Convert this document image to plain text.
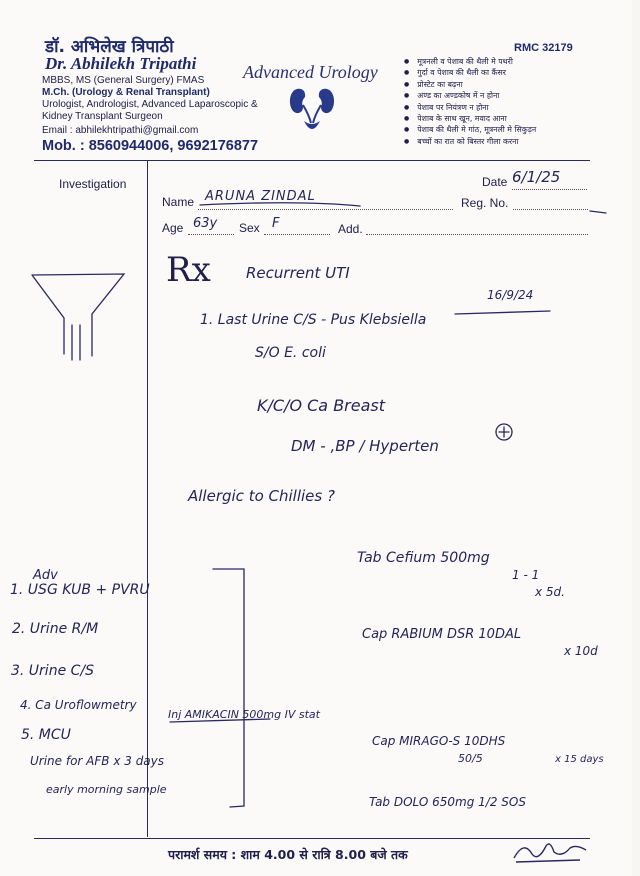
डॉ. अभिलेख त्रिपाठी
Dr. Abhilekh Tripathi
MBBS, MS (General Surgery) FMAS
M.Ch. (Urology & Renal Transplant)
Urologist, Andrologist, Advanced Laparoscopic &
Kidney Transplant Surgeon
Email : abhilekhtripathi@gmail.com
Mob. : 8560944006, 9692176877
Advanced Urology
RMC 32179
● मूत्रनली व पेशाब की थैली मे पथरी
● गुर्दा व पेशाब की थैली का कैंसर
● प्रोस्टेट का बढ़ना
● अण्ड का अण्डकोष में न होना
● पेशाब पर नियंत्रण न होना
● पेशाब के साथ खून, मवाद आना
● पेशाब की थैली मे गांठ, मूत्रनली मे सिकुड़न
● बच्चों का रात को बिस्तर गीला करना
Investigation	Date 6/1/25
Name ARUNA ZINDAL	Reg. No.
Age 63y Sex F	Add.
Rx Recurrent UTI
16/9/24
1. Last Urine C/S - Pus Klebsiella
S/O E. coli
K/C/O Ca Breast
DM - ,BP / Hyperten
Allergic to Chillies ?
Tab Cefium 500mg
1 - 1
x 5d.
Cap RABIUM DSR 10DAL
x 10d
Inj AMIKACIN 500mg IV stat
Cap MIRAGO-S 10DHS
50/5	x 15 days
Tab DOLO 650mg 1/2 SOS
Adv
1. USG KUB + PVRU
2. Urine R/M
3. Urine C/S
4. Ca Uroflowmetry
5. MCU
Urine for AFB x 3 days
early morning sample
परामर्श समय : शाम 4.00 से रात्रि 8.00 बजे तक
